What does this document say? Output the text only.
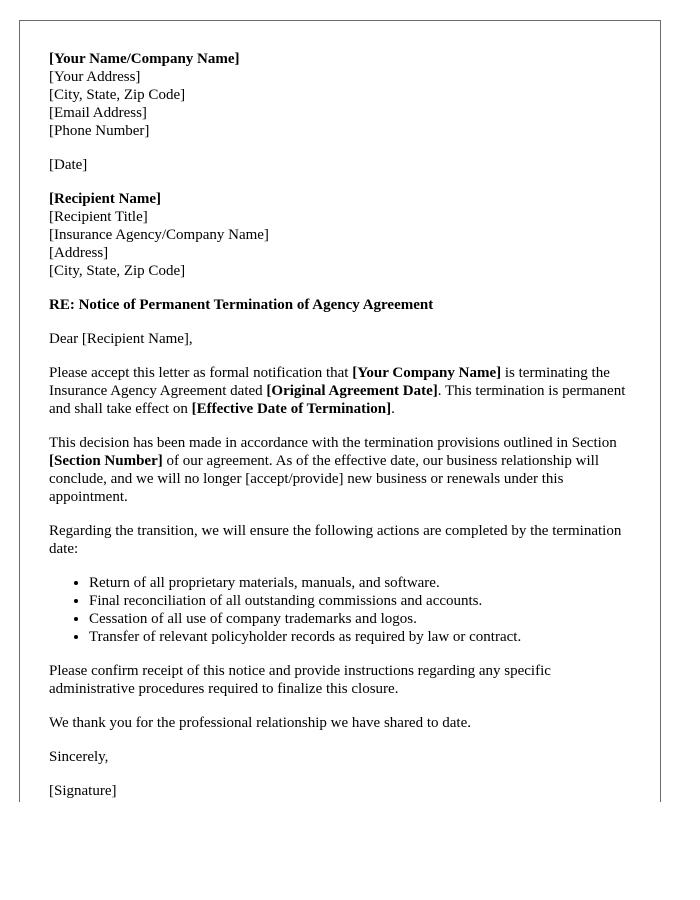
[Your Name/Company Name]
[Your Address]
[City, State, Zip Code]
[Email Address]
[Phone Number]
[Date]
[Recipient Name]
[Recipient Title]
[Insurance Agency/Company Name]
[Address]
[City, State, Zip Code]

RE: Notice of Permanent Termination of Agency Agreement

Dear [Recipient Name],

Please accept this letter as formal notification that [Your Company Name] is terminating the Insurance Agency Agreement dated [Original Agreement Date]. This termination is permanent and shall take effect on [Effective Date of Termination].

This decision has been made in accordance with the termination provisions outlined in Section [Section Number] of our agreement. As of the effective date, our business relationship will conclude, and we will no longer [accept/provide] new business or renewals under this appointment.

Regarding the transition, we will ensure the following actions are completed by the termination date:

• Return of all proprietary materials, manuals, and software.
• Final reconciliation of all outstanding commissions and accounts.
• Cessation of all use of company trademarks and logos.
• Transfer of relevant policyholder records as required by law or contract.

Please confirm receipt of this notice and provide instructions regarding any specific administrative procedures required to finalize this closure.

We thank you for the professional relationship we have shared to date.

Sincerely,

[Signature]
